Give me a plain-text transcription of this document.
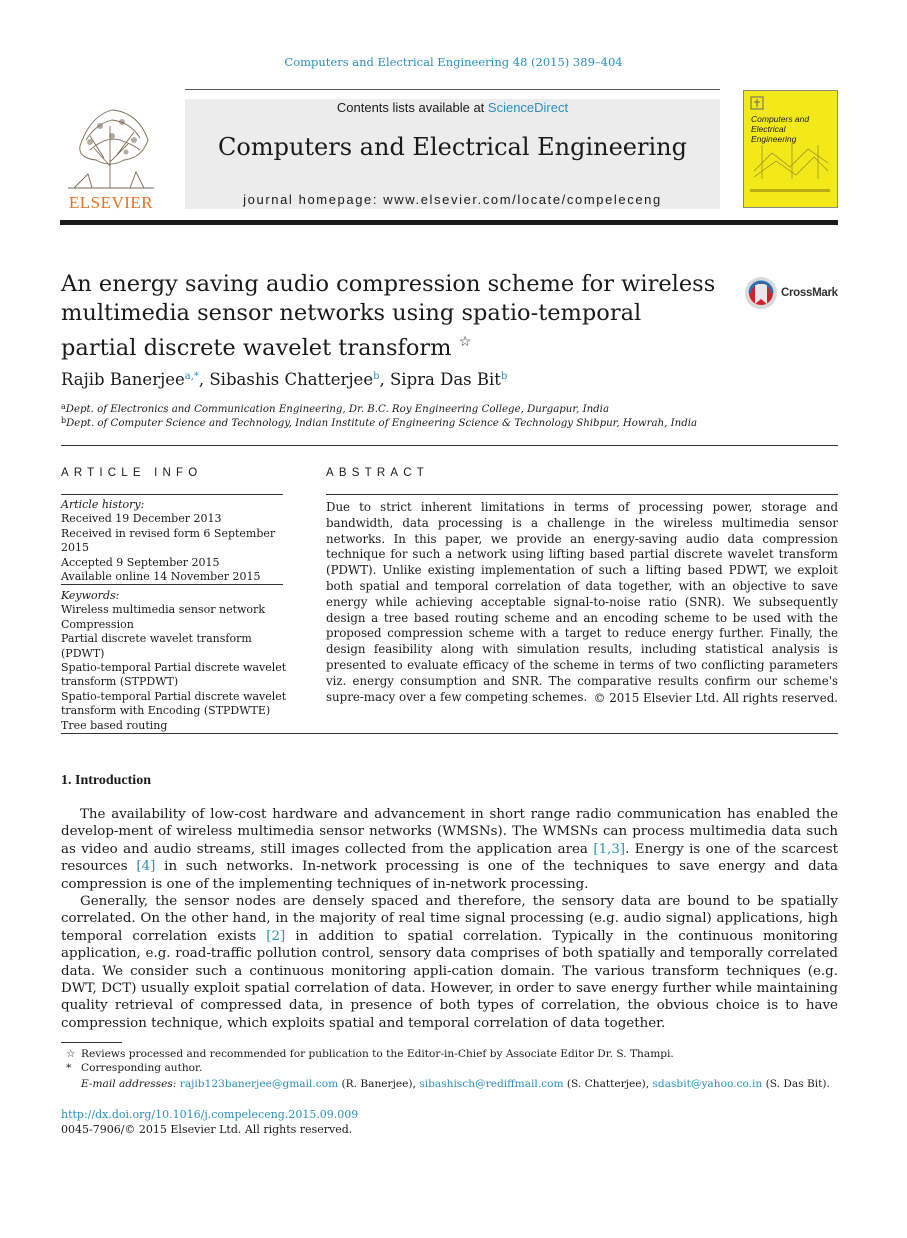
Computers and Electrical Engineering 48 (2015) 389–404
ELSEVIER
Contents lists available at ScienceDirect
Computers and Electrical Engineering
journal homepage: www.elsevier.com/locate/compeleceng
Computers and Electrical Engineering
An energy saving audio compression scheme for wireless multimedia sensor networks using spatio-temporal partial discrete wavelet transform ☆
CrossMark
Rajib Banerjee$^{a,*}$, Sibashis Chatterjee$^b$, Sipra Das Bit$^b$
$^a$Dept. of Electronics and Communication Engineering, Dr. B.C. Roy Engineering College, Durgapur, India
$^b$Dept. of Computer Science and Technology, Indian Institute of Engineering Science & Technology Shibpur, Howrah, India
ARTICLE INFO	ABSTRACT
Article history:
Received 19 December 2013
Received in revised form 6 September 2015
Accepted 9 September 2015
Available online 14 November 2015
Keywords:
Wireless multimedia sensor network
Compression
Partial discrete wavelet transform (PDWT)
Spatio-temporal Partial discrete wavelet
transform (STPDWT)
Spatio-temporal Partial discrete wavelet
transform with Encoding (STPDWTE)
Tree based routing
Due to strict inherent limitations in terms of processing power, storage and bandwidth, data processing is a challenge in the wireless multimedia sensor networks. In this paper, we provide an energy-saving audio data compression technique for such a network using lifting based partial discrete wavelet transform (PDWT). Unlike existing implementation of such a lifting based PDWT, we exploit both spatial and temporal correlation of data together, with an objective to save energy while achieving acceptable signal-to-noise ratio (SNR). We subsequently design a tree based routing scheme and an encoding scheme to be used with the proposed compression scheme with a target to reduce energy further. Finally, the design feasibility along with simulation results, including statistical analysis is presented to evaluate efficacy of the scheme in terms of two conflicting parameters viz. energy consumption and SNR. The comparative results confirm our scheme's supre-macy over a few competing schemes. © 2015 Elsevier Ltd. All rights reserved.
1. Introduction

The availability of low-cost hardware and advancement in short range radio communication has enabled the develop-ment of wireless multimedia sensor networks (WMSNs). The WMSNs can process multimedia data such as video and audio streams, still images collected from the application area [1,3]. Energy is one of the scarcest resources [4] in such networks. In-network processing is one of the techniques to save energy and data compression is one of the implementing techniques of in-network processing.

Generally, the sensor nodes are densely spaced and therefore, the sensory data are bound to be spatially correlated. On the other hand, in the majority of real time signal processing (e.g. audio signal) applications, high temporal correlation exists [2] in addition to spatial correlation. Typically in the continuous monitoring application, e.g. road-traffic pollution control, sensory data comprises of both spatially and temporally correlated data. We consider such a continuous monitoring appli-cation domain. The various transform techniques (e.g. DWT, DCT) usually exploit spatial correlation of data. However, in order to save energy further while maintaining quality retrieval of compressed data, in presence of both types of correlation, the obvious choice is to have compression technique, which exploits spatial and temporal correlation of data together.

☆ Reviews processed and recommended for publication to the Editor-in-Chief by Associate Editor Dr. S. Thampi.
* Corresponding author.
E-mail addresses: rajib123banerjee@gmail.com (R. Banerjee), sibashisch@rediffmail.com (S. Chatterjee), sdasbit@yahoo.co.in (S. Das Bit).
http://dx.doi.org/10.1016/j.compeleceng.2015.09.009
0045-7906/© 2015 Elsevier Ltd. All rights reserved.
